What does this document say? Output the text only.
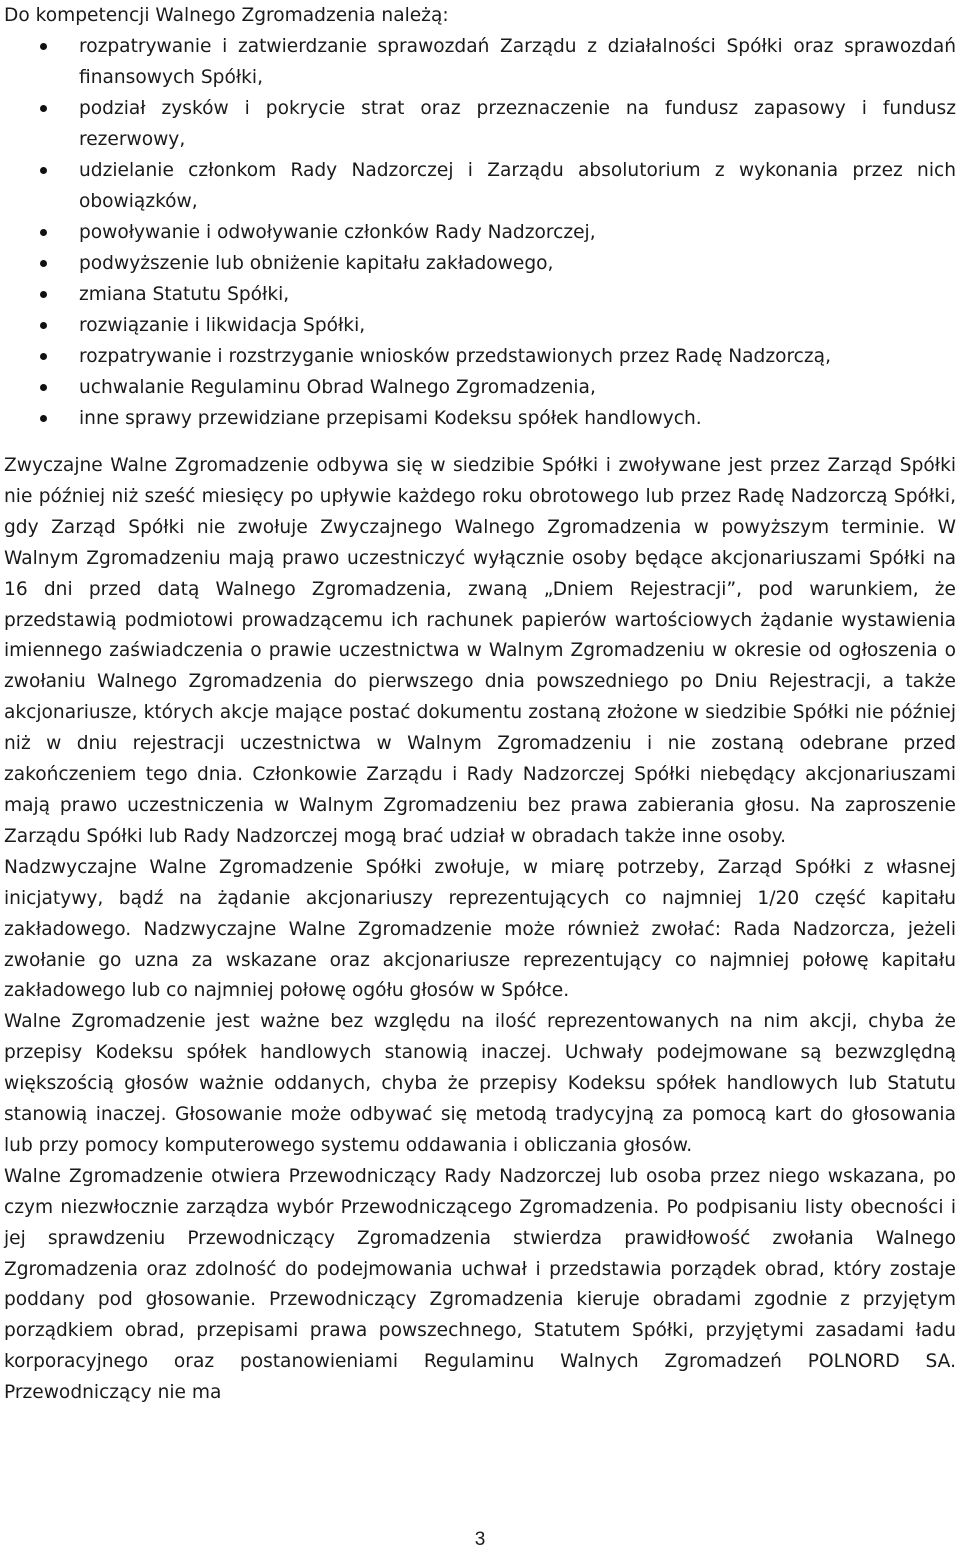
Do kompetencji Walnego Zgromadzenia należą:

rozpatrywanie i zatwierdzanie sprawozdań Zarządu z działalności Spółki oraz sprawozdań finansowych Spółki,
podział zysków i pokrycie strat oraz przeznaczenie na fundusz zapasowy i fundusz rezerwowy,
udzielanie członkom Rady Nadzorczej i Zarządu absolutorium z wykonania przez nich obowiązków,
powoływanie i odwoływanie członków Rady Nadzorczej,
podwyższenie lub obniżenie kapitału zakładowego,
zmiana Statutu Spółki,
rozwiązanie i likwidacja Spółki,
rozpatrywanie i rozstrzyganie wniosków przedstawionych przez Radę Nadzorczą,
uchwalanie Regulaminu Obrad Walnego Zgromadzenia,
inne sprawy przewidziane przepisami Kodeksu spółek handlowych.

Zwyczajne Walne Zgromadzenie odbywa się w siedzibie Spółki i zwoływane jest przez Zarząd Spółki nie później niż sześć miesięcy po upływie każdego roku obrotowego lub przez Radę Nadzorczą Spółki, gdy Zarząd Spółki nie zwołuje Zwyczajnego Walnego Zgromadzenia w powyższym terminie. W Walnym Zgromadzeniu mają prawo uczestniczyć wyłącznie osoby będące akcjonariuszami Spółki na 16 dni przed datą Walnego Zgromadzenia, zwaną „Dniem Rejestracji”, pod warunkiem, że przedstawią podmiotowi prowadzącemu ich rachunek papierów wartościowych żądanie wystawienia imiennego zaświadczenia o prawie uczestnictwa w Walnym Zgromadzeniu w okresie od ogłoszenia o zwołaniu Walnego Zgromadzenia do pierwszego dnia powszedniego po Dniu Rejestracji, a także akcjonariusze, których akcje mające postać dokumentu zostaną złożone w siedzibie Spółki nie później niż w dniu rejestracji uczestnictwa w Walnym Zgromadzeniu i nie zostaną odebrane przed zakończeniem tego dnia. Członkowie Zarządu i Rady Nadzorczej Spółki niebędący akcjonariuszami mają prawo uczestniczenia w Walnym Zgromadzeniu bez prawa zabierania głosu. Na zaproszenie Zarządu Spółki lub Rady Nadzorczej mogą brać udział w obradach także inne osoby.

Nadzwyczajne Walne Zgromadzenie Spółki zwołuje, w miarę potrzeby, Zarząd Spółki z własnej inicjatywy, bądź na żądanie akcjonariuszy reprezentujących co najmniej 1/20 część kapitału zakładowego. Nadzwyczajne Walne Zgromadzenie może również zwołać: Rada Nadzorcza, jeżeli zwołanie go uzna za wskazane oraz akcjonariusze reprezentujący co najmniej połowę kapitału zakładowego lub co najmniej połowę ogółu głosów w Spółce.

Walne Zgromadzenie jest ważne bez względu na ilość reprezentowanych na nim akcji, chyba że przepisy Kodeksu spółek handlowych stanowią inaczej. Uchwały podejmowane są bezwzględną większością głosów ważnie oddanych, chyba że przepisy Kodeksu spółek handlowych lub Statutu stanowią inaczej. Głosowanie może odbywać się metodą tradycyjną za pomocą kart do głosowania lub przy pomocy komputerowego systemu oddawania i obliczania głosów.

Walne Zgromadzenie otwiera Przewodniczący Rady Nadzorczej lub osoba przez niego wskazana, po czym niezwłocznie zarządza wybór Przewodniczącego Zgromadzenia. Po podpisaniu listy obecności i jej sprawdzeniu Przewodniczący Zgromadzenia stwierdza prawidłowość zwołania Walnego Zgromadzenia oraz zdolność do podejmowania uchwał i przedstawia porządek obrad, który zostaje poddany pod głosowanie. Przewodniczący Zgromadzenia kieruje obradami zgodnie z przyjętym porządkiem obrad, przepisami prawa powszechnego, Statutem Spółki, przyjętymi zasadami ładu korporacyjnego oraz postanowieniami Regulaminu Walnych Zgromadzeń POLNORD SA. Przewodniczący nie ma

3
